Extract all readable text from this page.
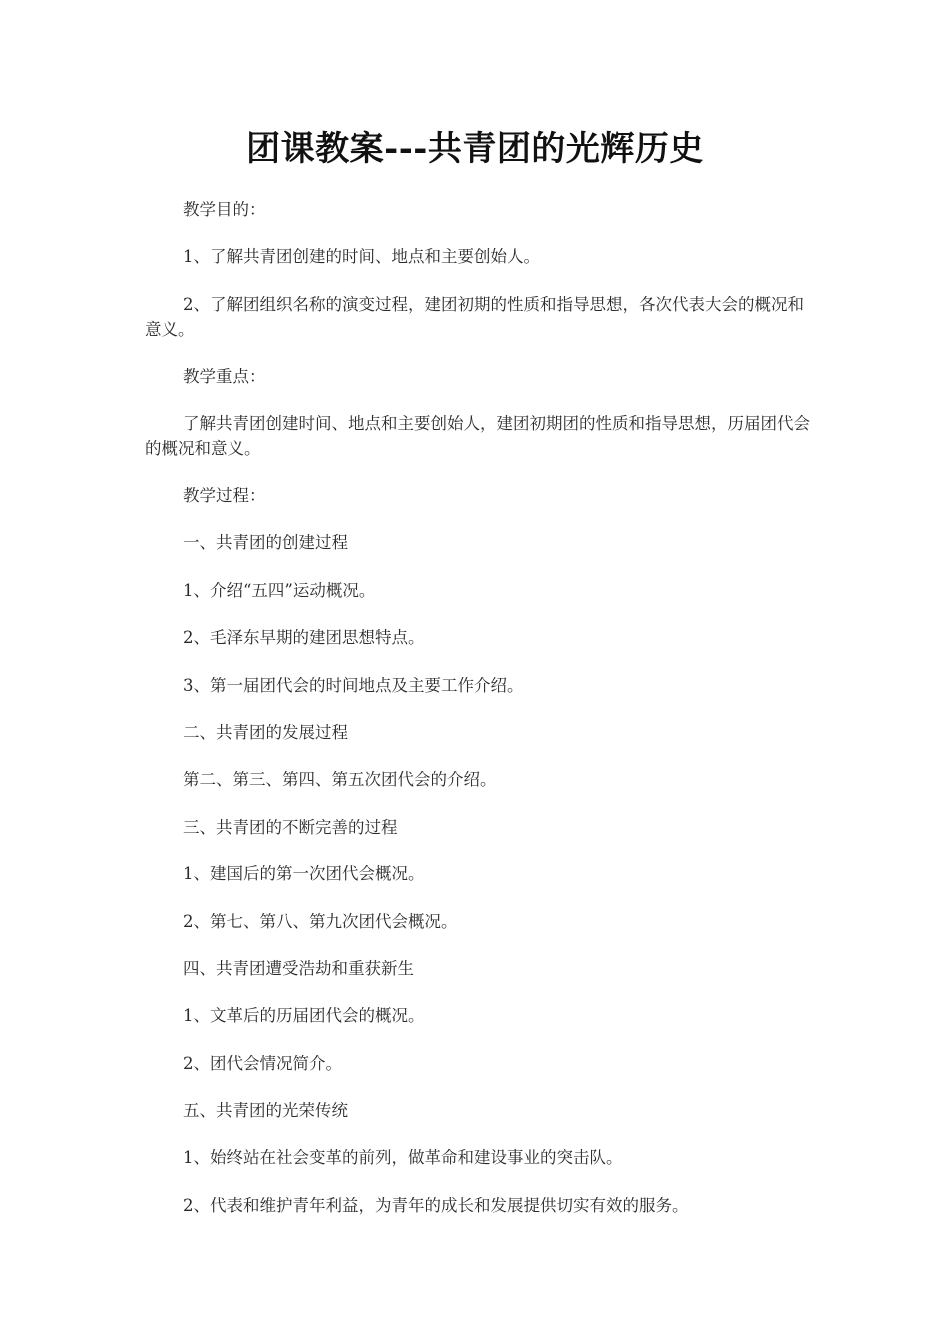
团课教案---共青团的光辉历史

教学目的：

1、了解共青团创建的时间、地点和主要创始人。

2、了解团组织名称的演变过程，建团初期的性质和指导思想，各次代表大会的概况和意义。

教学重点：

了解共青团创建时间、地点和主要创始人，建团初期团的性质和指导思想，历届团代会的概况和意义。

教学过程：

一、共青团的创建过程

1、介绍“五四”运动概况。

2、毛泽东早期的建团思想特点。

3、第一届团代会的时间地点及主要工作介绍。

二、共青团的发展过程

第二、第三、第四、第五次团代会的介绍。

三、共青团的不断完善的过程

1、建国后的第一次团代会概况。

2、第七、第八、第九次团代会概况。

四、共青团遭受浩劫和重获新生

1、文革后的历届团代会的概况。

2、团代会情况简介。

五、共青团的光荣传统

1、始终站在社会变革的前列，做革命和建设事业的突击队。

2、代表和维护青年利益，为青年的成长和发展提供切实有效的服务。
